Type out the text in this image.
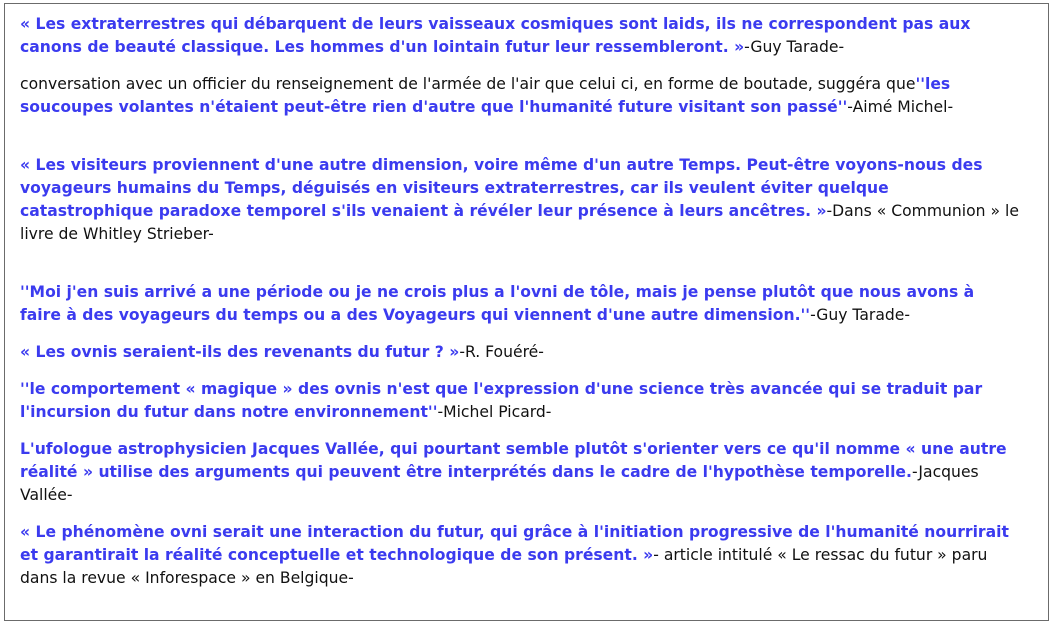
« Les extraterrestres qui débarquent de leurs vaisseaux cosmiques sont laids, ils ne correspondent pas aux canons de beauté classique. Les hommes d'un lointain futur leur ressembleront. »-Guy Tarade-

conversation avec un officier du renseignement de l'armée de l'air que celui ci, en forme de boutade, suggéra que''les soucoupes volantes n'étaient peut-être rien d'autre que l'humanité future visitant son passé''-Aimé Michel-

« Les visiteurs proviennent d'une autre dimension, voire même d'un autre Temps. Peut-être voyons-nous des voyageurs humains du Temps, déguisés en visiteurs extraterrestres, car ils veulent éviter quelque catastrophique paradoxe temporel s'ils venaient à révéler leur présence à leurs ancêtres. »-Dans « Communion » le livre de Whitley Strieber-

''Moi j'en suis arrivé a une période ou je ne crois plus a l'ovni de tôle, mais je pense plutôt que nous avons à faire à des voyageurs du temps ou a des Voyageurs qui viennent d'une autre dimension.''-Guy Tarade-

« Les ovnis seraient-ils des revenants du futur ? »-R. Fouéré-

''le comportement « magique » des ovnis n'est que l'expression d'une science très avancée qui se traduit par l'incursion du futur dans notre environnement''-Michel Picard-

L'ufologue astrophysicien Jacques Vallée, qui pourtant semble plutôt s'orienter vers ce qu'il nomme « une autre réalité » utilise des arguments qui peuvent être interprétés dans le cadre de l'hypothèse temporelle.-Jacques Vallée-

« Le phénomène ovni serait une interaction du futur, qui grâce à l'initiation progressive de l'humanité nourrirait et garantirait la réalité conceptuelle et technologique de son présent. »- article intitulé « Le ressac du futur » paru dans la revue « Inforespace » en Belgique-
